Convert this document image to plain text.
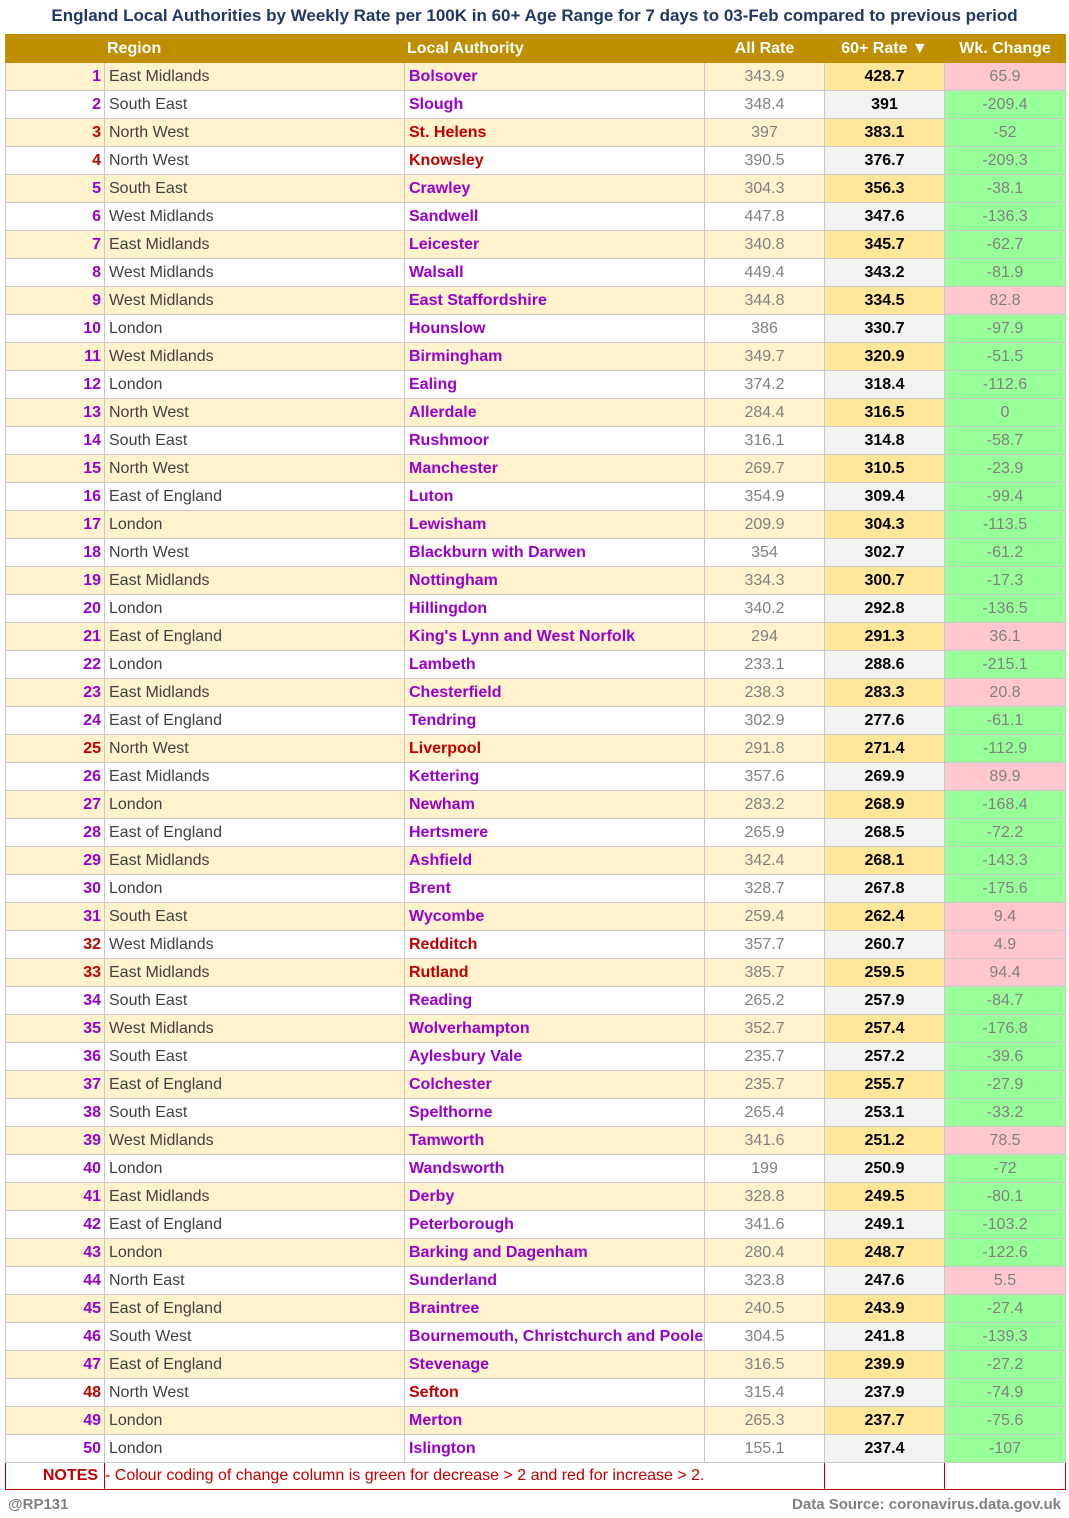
England Local Authorities by Weekly Rate per 100K in 60+ Age Range for 7 days to 03-Feb compared to previous period
	Region	Local Authority	All Rate	60+ Rate ▼	Wk. Change
1	East Midlands	Bolsover	343.9	428.7	65.9
2	South East	Slough	348.4	391	-209.4
3	North West	St. Helens	397	383.1	-52
4	North West	Knowsley	390.5	376.7	-209.3
5	South East	Crawley	304.3	356.3	-38.1
6	West Midlands	Sandwell	447.8	347.6	-136.3
7	East Midlands	Leicester	340.8	345.7	-62.7
8	West Midlands	Walsall	449.4	343.2	-81.9
9	West Midlands	East Staffordshire	344.8	334.5	82.8
10	London	Hounslow	386	330.7	-97.9
11	West Midlands	Birmingham	349.7	320.9	-51.5
12	London	Ealing	374.2	318.4	-112.6
13	North West	Allerdale	284.4	316.5	0
14	South East	Rushmoor	316.1	314.8	-58.7
15	North West	Manchester	269.7	310.5	-23.9
16	East of England	Luton	354.9	309.4	-99.4
17	London	Lewisham	209.9	304.3	-113.5
18	North West	Blackburn with Darwen	354	302.7	-61.2
19	East Midlands	Nottingham	334.3	300.7	-17.3
20	London	Hillingdon	340.2	292.8	-136.5
21	East of England	King's Lynn and West Norfolk	294	291.3	36.1
22	London	Lambeth	233.1	288.6	-215.1
23	East Midlands	Chesterfield	238.3	283.3	20.8
24	East of England	Tendring	302.9	277.6	-61.1
25	North West	Liverpool	291.8	271.4	-112.9
26	East Midlands	Kettering	357.6	269.9	89.9
27	London	Newham	283.2	268.9	-168.4
28	East of England	Hertsmere	265.9	268.5	-72.2
29	East Midlands	Ashfield	342.4	268.1	-143.3
30	London	Brent	328.7	267.8	-175.6
31	South East	Wycombe	259.4	262.4	9.4
32	West Midlands	Redditch	357.7	260.7	4.9
33	East Midlands	Rutland	385.7	259.5	94.4
34	South East	Reading	265.2	257.9	-84.7
35	West Midlands	Wolverhampton	352.7	257.4	-176.8
36	South East	Aylesbury Vale	235.7	257.2	-39.6
37	East of England	Colchester	235.7	255.7	-27.9
38	South East	Spelthorne	265.4	253.1	-33.2
39	West Midlands	Tamworth	341.6	251.2	78.5
40	London	Wandsworth	199	250.9	-72
41	East Midlands	Derby	328.8	249.5	-80.1
42	East of England	Peterborough	341.6	249.1	-103.2
43	London	Barking and Dagenham	280.4	248.7	-122.6
44	North East	Sunderland	323.8	247.6	5.5
45	East of England	Braintree	240.5	243.9	-27.4
46	South West	Bournemouth, Christchurch and Poole	304.5	241.8	-139.3
47	East of England	Stevenage	316.5	239.9	-27.2
48	North West	Sefton	315.4	237.9	-74.9
49	London	Merton	265.3	237.7	-75.6
50	London	Islington	155.1	237.4	-107
NOTES	- Colour coding of change column is green for decrease > 2 and red for increase > 2.				
@RP131	Data Source: coronavirus.data.gov.uk
